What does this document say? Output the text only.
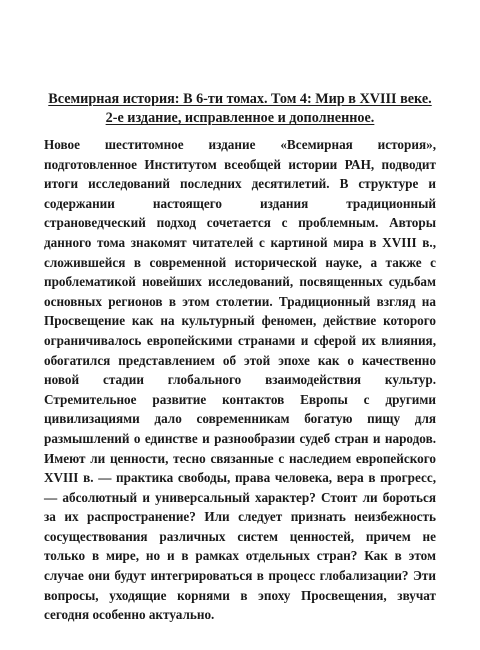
Всемирная история: В 6-ти томах. Том 4: Мир в XVIII веке. 2-е издание, исправленное и дополненное.

Новое шеститомное издание «Всемирная история», подготовленное Институтом всеобщей истории РАН, подводит итоги исследований последних десятилетий. В структуре и содержании настоящего издания традиционный страноведческий подход сочетается с проблемным. Авторы данного тома знакомят читателей с картиной мира в XVIII в., сложившейся в современной исторической науке, а также с проблематикой новейших исследований, посвященных судьбам основных регионов в этом столетии. Традиционный взгляд на Просвещение как на культурный феномен, действие которого ограничивалось европейскими странами и сферой их влияния, обогатился представлением об этой эпохе как о качественно новой стадии глобального взаимодействия культур. Стремительное развитие контактов Европы с другими цивилизациями дало современникам богатую пищу для размышлений о единстве и разнообразии судеб стран и народов. Имеют ли ценности, тесно связанные с наследием европейского XVIII в. — практика свободы, права человека, вера в прогресс, — абсолютный и универсальный характер? Стоит ли бороться за их распространение? Или следует признать неизбежность сосуществования различных систем ценностей, причем не только в мире, но и в рамках отдельных стран? Как в этом случае они будут интегрироваться в процесс глобализации? Эти вопросы, уходящие корнями в эпоху Просвещения, звучат сегодня особенно актуально.
